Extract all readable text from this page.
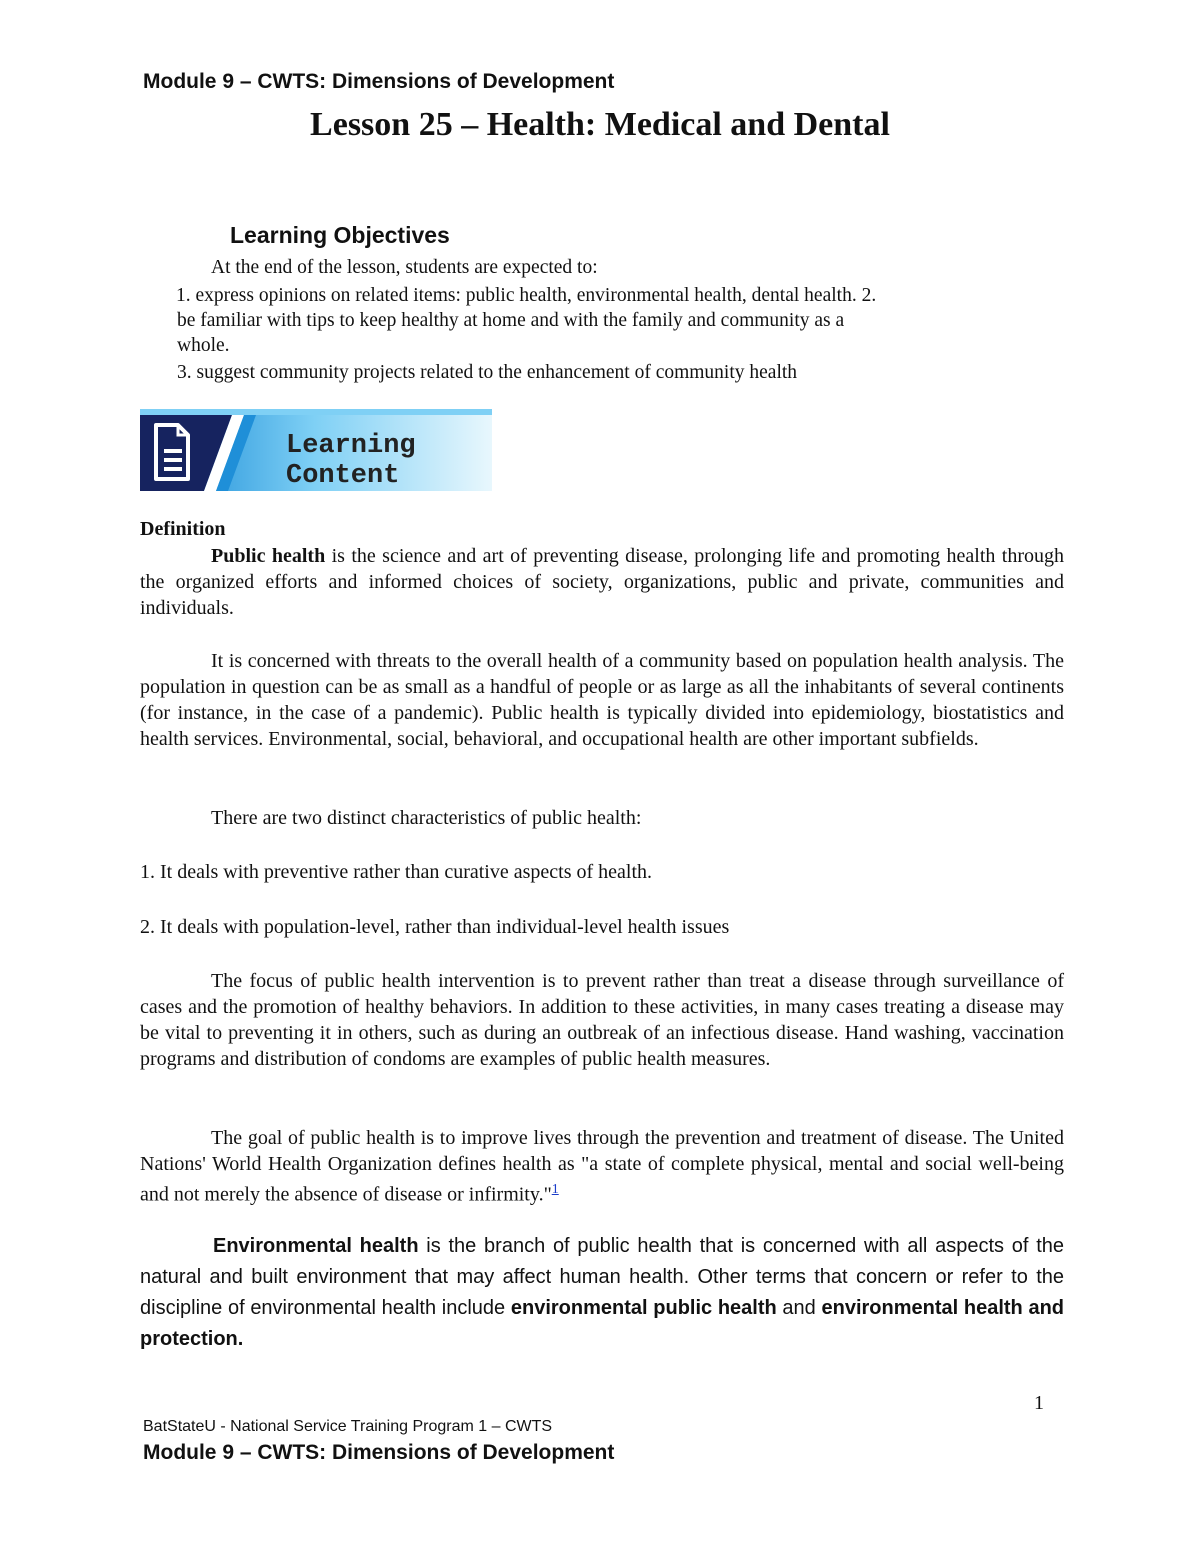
Module 9 – CWTS: Dimensions of Development
Lesson 25 – Health: Medical and Dental
Learning Objectives
At the end of the lesson, students are expected to:
1. express opinions on related items: public health, environmental health, dental health. 2.
be familiar with tips to keep healthy at home and with the family and community as a
whole.
3. suggest community projects related to the enhancement of community health
Learning Content
Definition

Public health is the science and art of preventing disease, prolonging life and promoting health through the organized efforts and informed choices of society, organizations, public and private, communities and individuals.

It is concerned with threats to the overall health of a community based on population health analysis. The population in question can be as small as a handful of people or as large as all the inhabitants of several continents (for instance, in the case of a pandemic). Public health is typically divided into epidemiology, biostatistics and health services. Environmental, social, behavioral, and occupational health are other important subfields.

There are two distinct characteristics of public health:
1. It deals with preventive rather than curative aspects of health.
2. It deals with population-level, rather than individual-level health issues

The focus of public health intervention is to prevent rather than treat a disease through surveillance of cases and the promotion of healthy behaviors. In addition to these activities, in many cases treating a disease may be vital to preventing it in others, such as during an outbreak of an infectious disease. Hand washing, vaccination programs and distribution of condoms are examples of public health measures.

The goal of public health is to improve lives through the prevention and treatment of disease. The United Nations' World Health Organization defines health as "a state of complete physical, mental and social well-being and not merely the absence of disease or infirmity."$^1$

Environmental health is the branch of public health that is concerned with all aspects of the natural and built environment that may affect human health. Other terms that concern or refer to the discipline of environmental health include environmental public health and environmental health and protection.
1
BatStateU - National Service Training Program 1 – CWTS
Module 9 – CWTS: Dimensions of Development
